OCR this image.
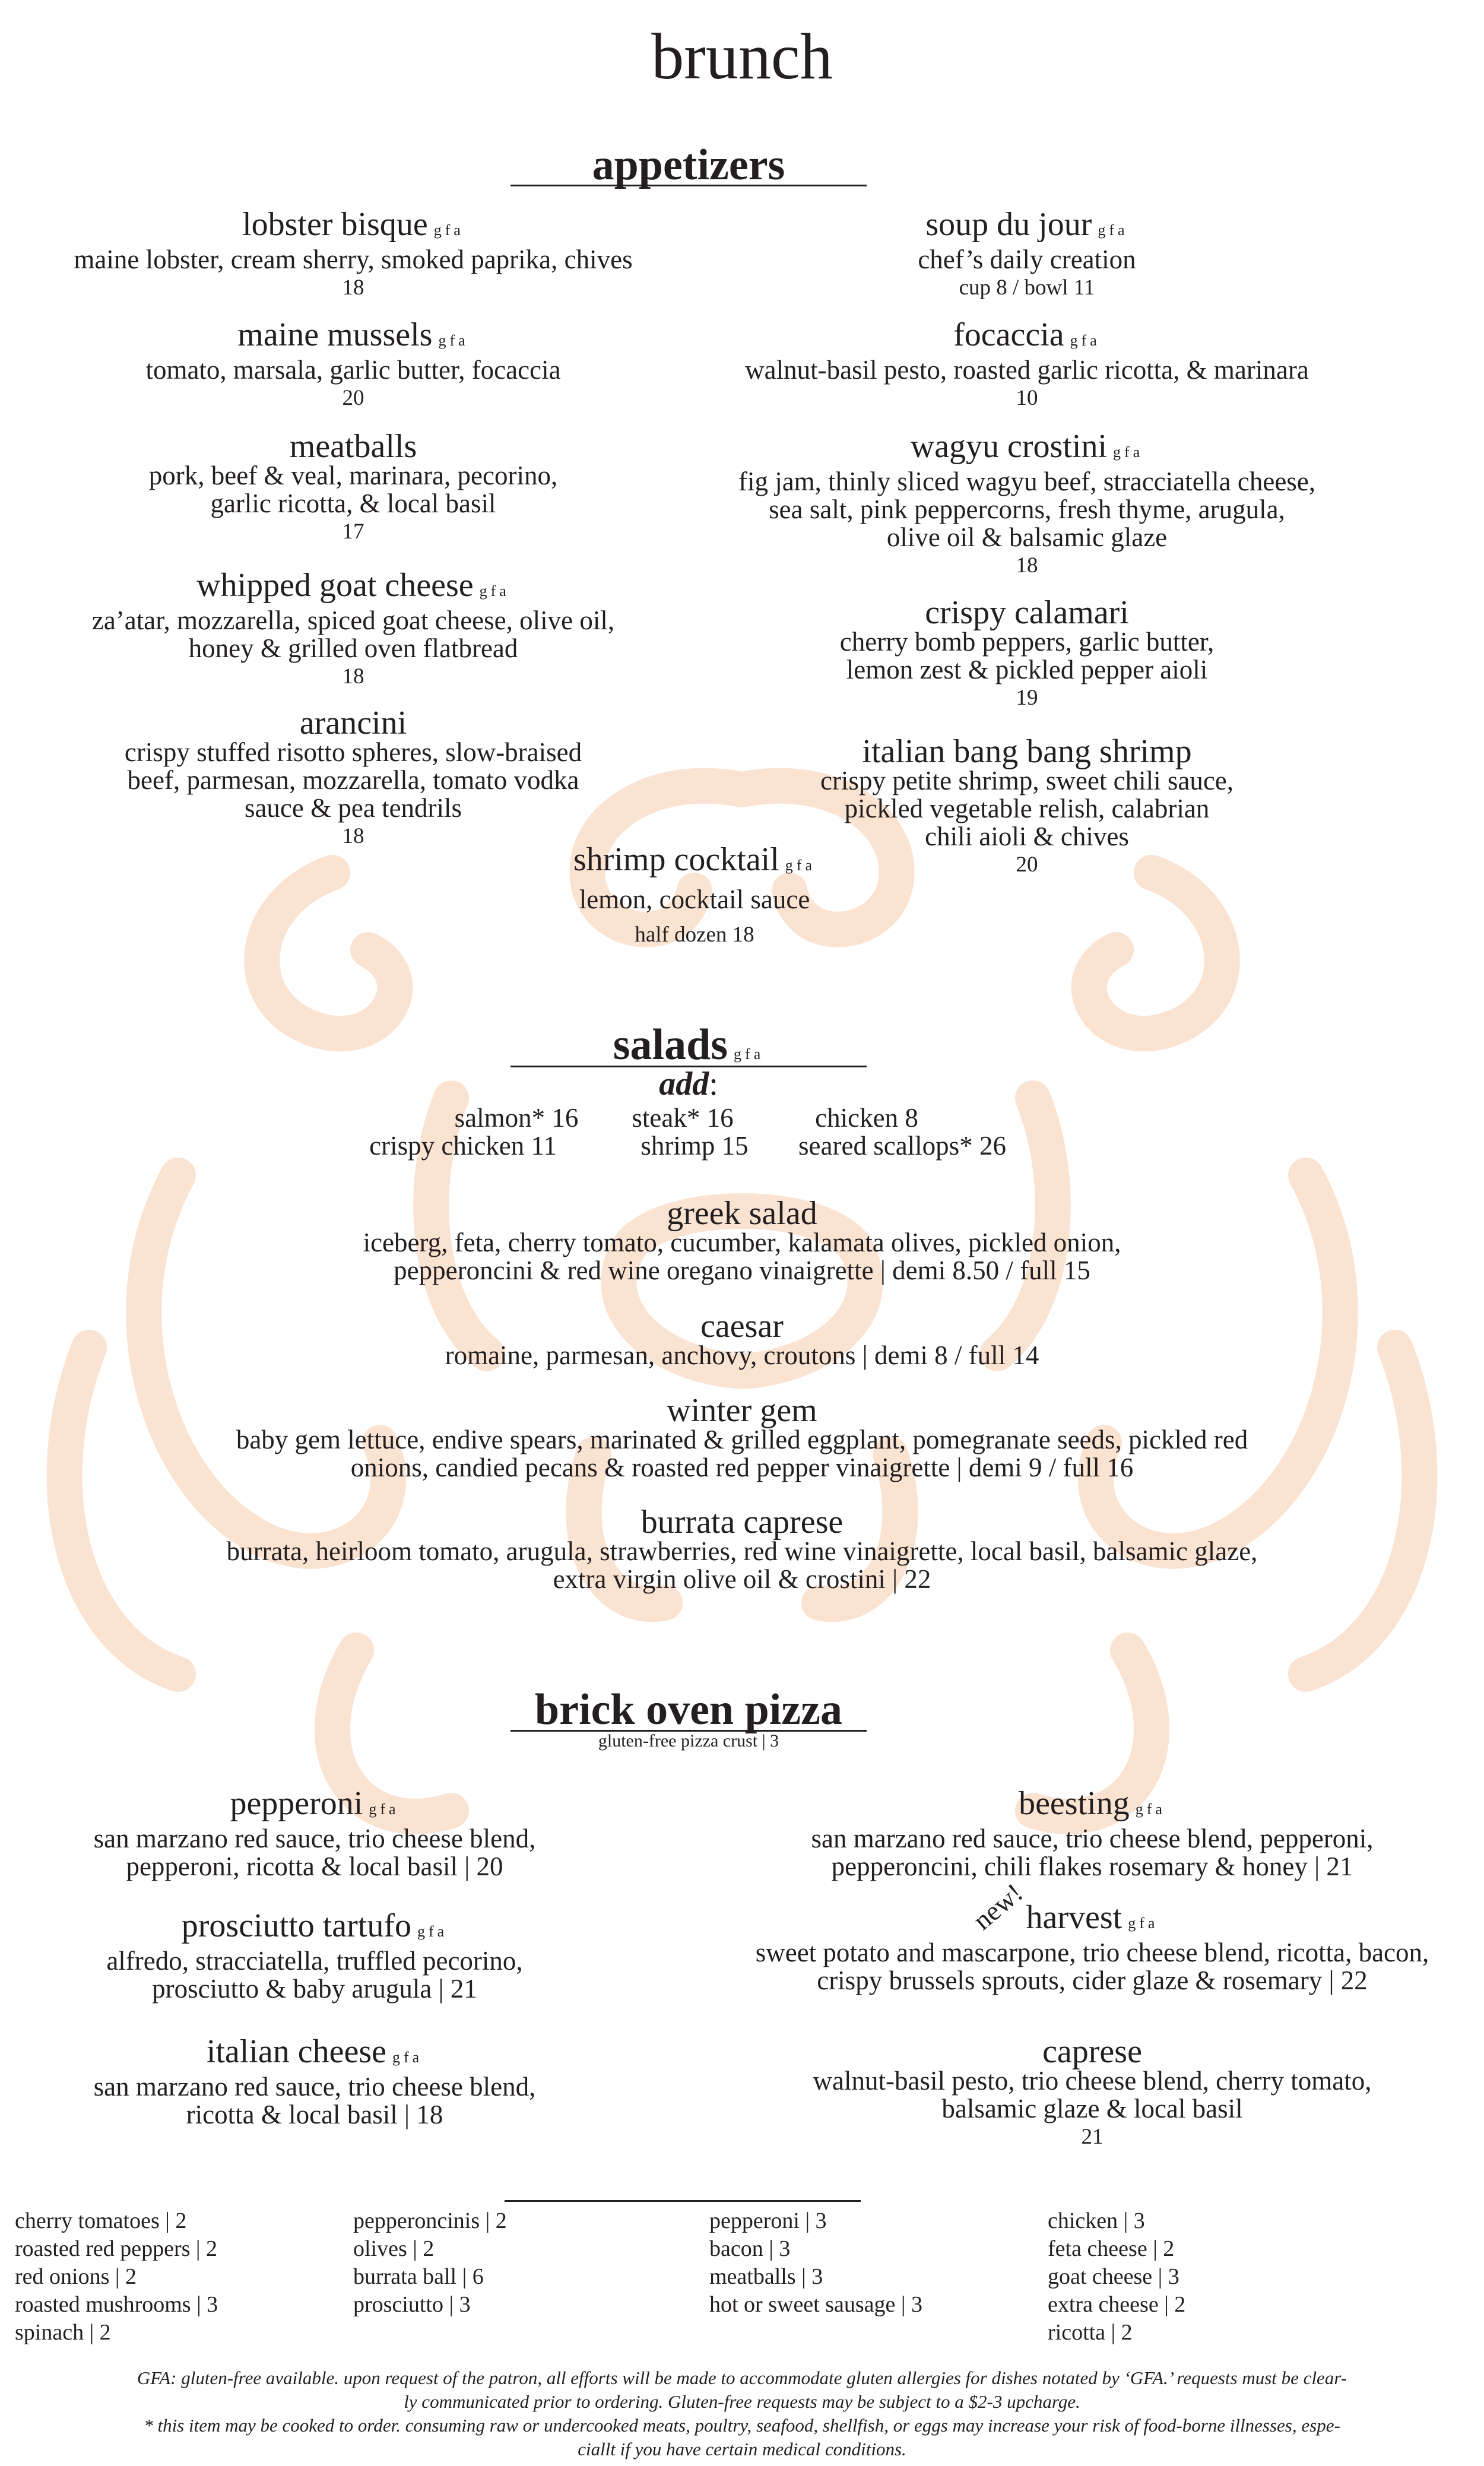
brunch
appetizers
lobster bisque gfa
maine lobster, cream sherry, smoked paprika, chives
18
maine mussels gfa
tomato, marsala, garlic butter, focaccia
20
meatballs
pork, beef & veal, marinara, pecorino,
garlic ricotta, & local basil
17
whipped goat cheese gfa
za’atar, mozzarella, spiced goat cheese, olive oil,
honey & grilled oven flatbread
18
arancini
crispy stuffed risotto spheres, slow-braised
beef, parmesan, mozzarella, tomato vodka
sauce & pea tendrils
18
soup du jour gfa
chef’s daily creation
cup 8 / bowl 11
focaccia gfa
walnut-basil pesto, roasted garlic ricotta, & marinara
10
wagyu crostini gfa
fig jam, thinly sliced wagyu beef, stracciatella cheese,
sea salt, pink peppercorns, fresh thyme, arugula,
olive oil & balsamic glaze
18
crispy calamari
cherry bomb peppers, garlic butter,
lemon zest & pickled pepper aioli
19
italian bang bang shrimp
crispy petite shrimp, sweet chili sauce,
pickled vegetable relish, calabrian
chili aioli & chives
20
shrimp cocktail gfa
lemon, cocktail sauce
half dozen 18
salads gfa
add:
salmon* 16	steak* 16	chicken 8
crispy chicken 11	shrimp 15	seared scallops* 26
greek salad
iceberg, feta, cherry tomato, cucumber, kalamata olives, pickled onion,
pepperoncini & red wine oregano vinaigrette | demi 8.50 / full 15
caesar
romaine, parmesan, anchovy, croutons | demi 8 / full 14
winter gem
baby gem lettuce, endive spears, marinated & grilled eggplant, pomegranate seeds, pickled red
onions, candied pecans & roasted red pepper vinaigrette | demi 9 / full 16
burrata caprese
burrata, heirloom tomato, arugula, strawberries, red wine vinaigrette, local basil, balsamic glaze,
extra virgin olive oil & crostini | 22
brick oven pizza
gluten-free pizza crust | 3
pepperoni gfa
san marzano red sauce, trio cheese blend,
pepperoni, ricotta & local basil | 20
prosciutto tartufo gfa
alfredo, stracciatella, truffled pecorino,
prosciutto & baby arugula | 21
italian cheese gfa
san marzano red sauce, trio cheese blend,
ricotta & local basil | 18
beesting gfa
san marzano red sauce, trio cheese blend, pepperoni,
pepperoncini, chili flakes rosemary & honey | 21
new!
harvest gfa
sweet potato and mascarpone, trio cheese blend, ricotta, bacon,
crispy brussels sprouts, cider glaze & rosemary | 22
caprese
walnut-basil pesto, trio cheese blend, cherry tomato,
balsamic glaze & local basil
21
cherry tomatoes | 2
roasted red peppers | 2
red onions | 2
roasted mushrooms | 3
spinach | 2
pepperoncinis | 2
olives | 2
burrata ball | 6
prosciutto | 3
pepperoni | 3
bacon | 3
meatballs | 3
hot or sweet sausage | 3
chicken | 3
feta cheese | 2
goat cheese | 3
extra cheese | 2
ricotta | 2
GFA: gluten-free available. upon request of the patron, all efforts will be made to accommodate gluten allergies for dishes notated by ‘GFA.’ requests must be clear-
ly communicated prior to ordering. Gluten-free requests may be subject to a $2-3 upcharge.
* this item may be cooked to order. consuming raw or undercooked meats, poultry, seafood, shellfish, or eggs may increase your risk of food-borne illnesses, espe-
ciallt if you have certain medical conditions.
